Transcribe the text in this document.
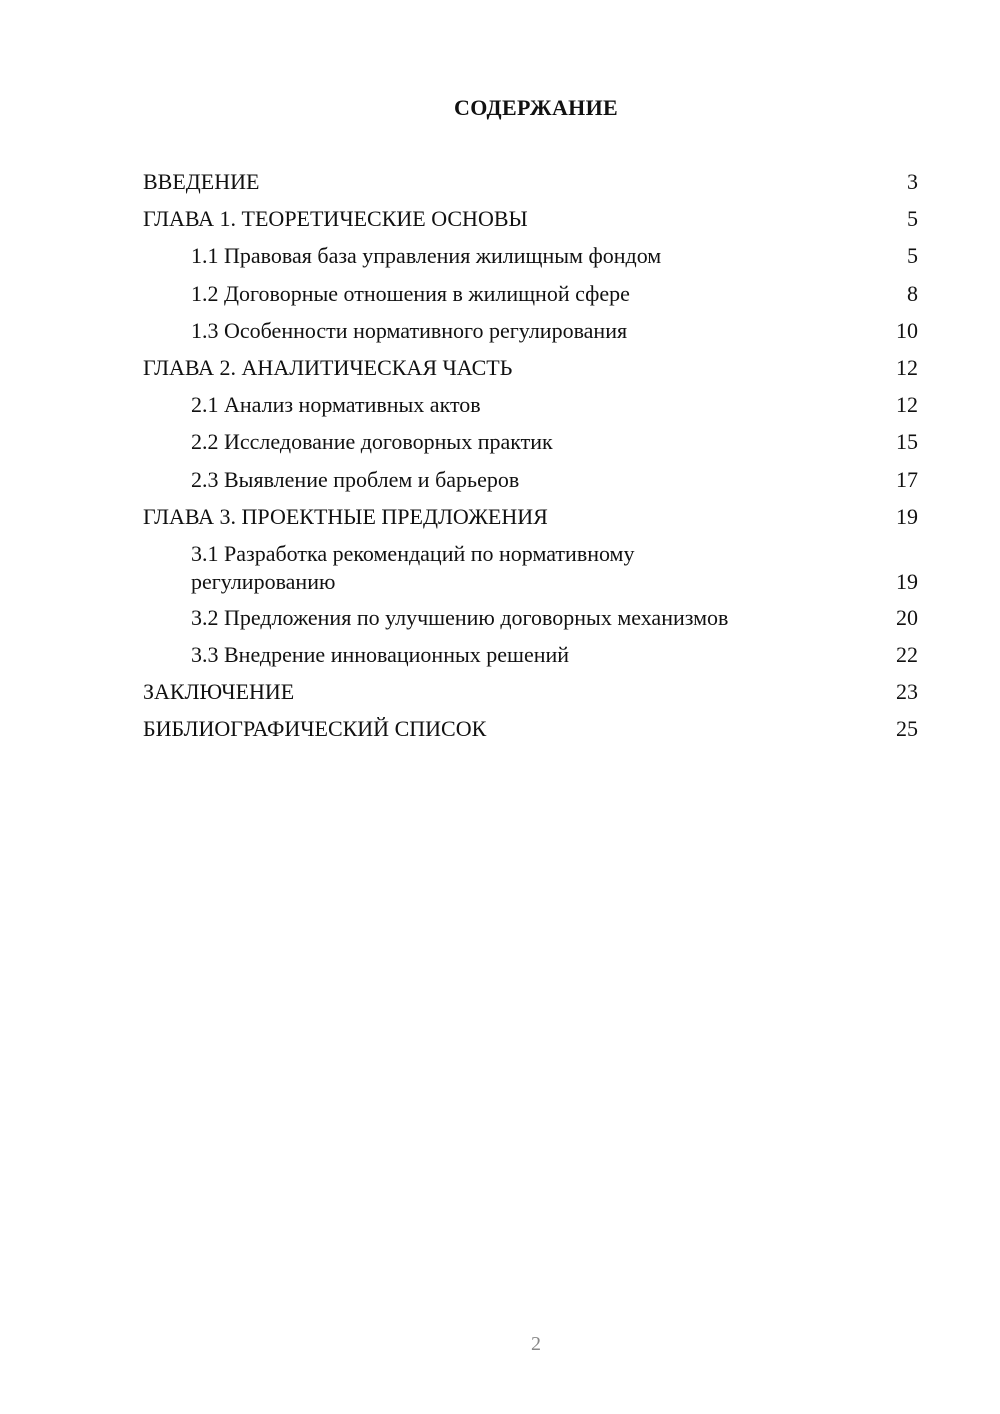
СОДЕРЖАНИЕ
ВВЕДЕНИЕ	3
ГЛАВА 1. ТЕОРЕТИЧЕСКИЕ ОСНОВЫ	5
1.1 Правовая база управления жилищным фондом	5
1.2 Договорные отношения в жилищной сфере	8
1.3 Особенности нормативного регулирования	10
ГЛАВА 2. АНАЛИТИЧЕСКАЯ ЧАСТЬ	12
2.1 Анализ нормативных актов	12
2.2 Исследование договорных практик	15
2.3 Выявление проблем и барьеров	17
ГЛАВА 3. ПРОЕКТНЫЕ ПРЕДЛОЖЕНИЯ	19
3.1 Разработка рекомендаций по нормативному регулированию	19
3.2 Предложения по улучшению договорных механизмов	20
3.3 Внедрение инновационных решений	22
ЗАКЛЮЧЕНИЕ	23
БИБЛИОГРАФИЧЕСКИЙ СПИСОК	25
2
